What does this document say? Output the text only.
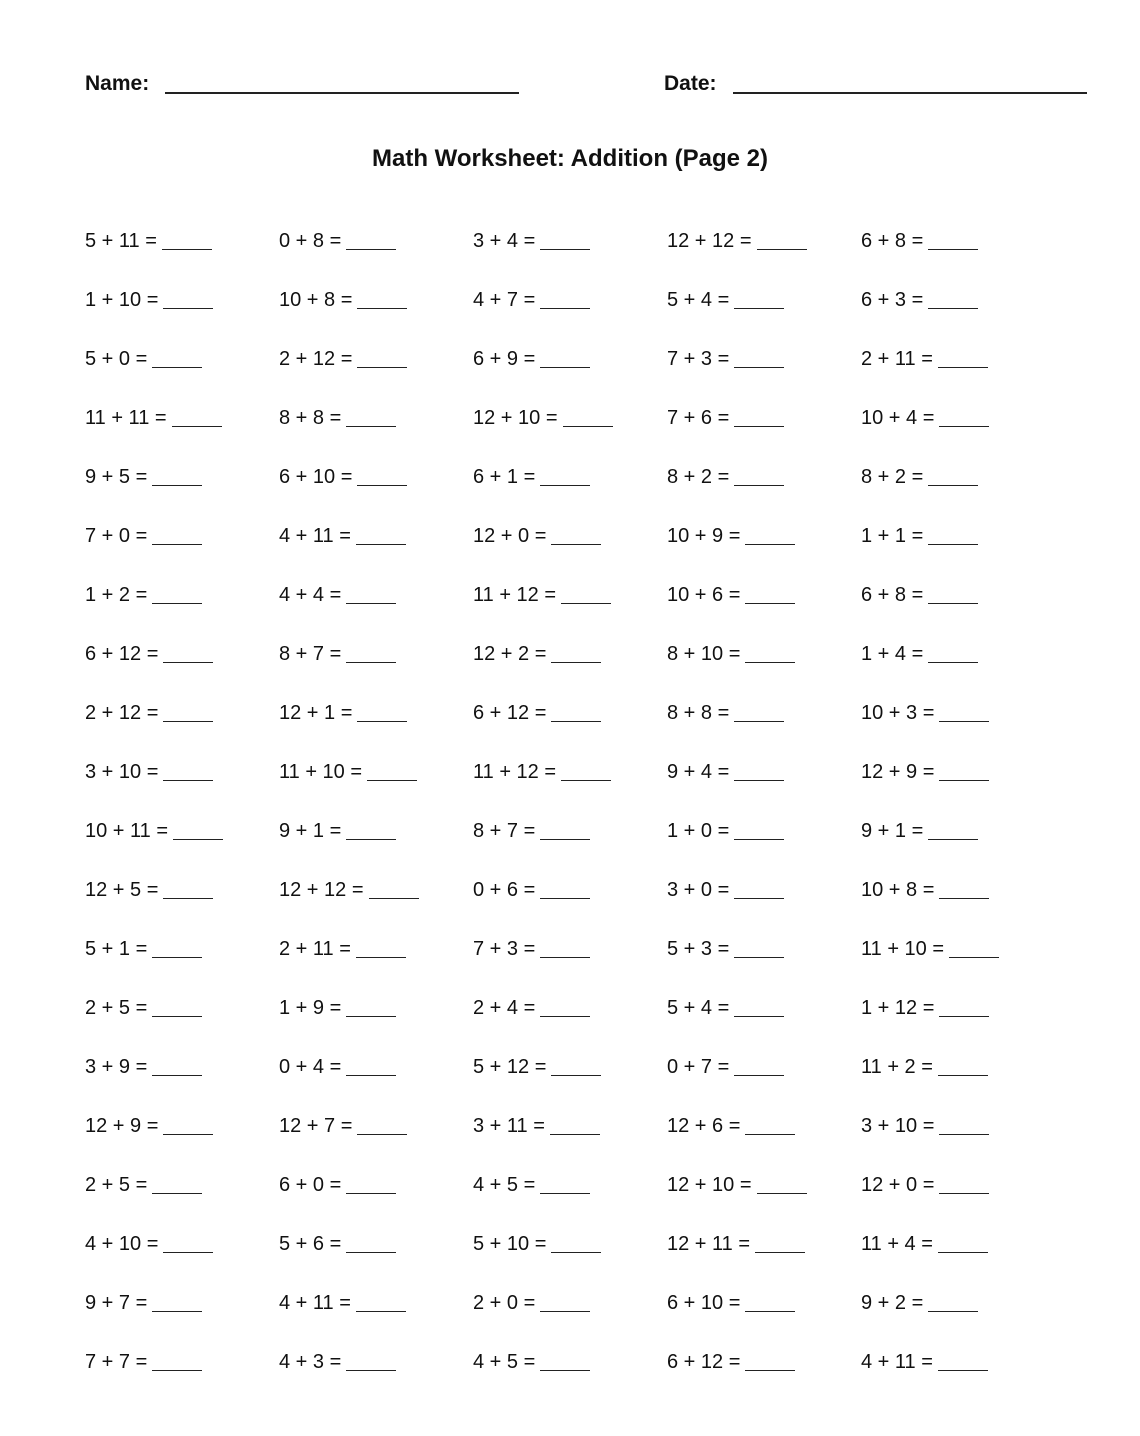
Name:	Date:
Math Worksheet: Addition (Page 2)
5 + 11 =	0 + 8 =	3 + 4 =	12 + 12 =	6 + 8 =
1 + 10 =	10 + 8 =	4 + 7 =	5 + 4 =	6 + 3 =
5 + 0 =	2 + 12 =	6 + 9 =	7 + 3 =	2 + 11 =
11 + 11 =	8 + 8 =	12 + 10 =	7 + 6 =	10 + 4 =
9 + 5 =	6 + 10 =	6 + 1 =	8 + 2 =	8 + 2 =
7 + 0 =	4 + 11 =	12 + 0 =	10 + 9 =	1 + 1 =
1 + 2 =	4 + 4 =	11 + 12 =	10 + 6 =	6 + 8 =
6 + 12 =	8 + 7 =	12 + 2 =	8 + 10 =	1 + 4 =
2 + 12 =	12 + 1 =	6 + 12 =	8 + 8 =	10 + 3 =
3 + 10 =	11 + 10 =	11 + 12 =	9 + 4 =	12 + 9 =
10 + 11 =	9 + 1 =	8 + 7 =	1 + 0 =	9 + 1 =
12 + 5 =	12 + 12 =	0 + 6 =	3 + 0 =	10 + 8 =
5 + 1 =	2 + 11 =	7 + 3 =	5 + 3 =	11 + 10 =
2 + 5 =	1 + 9 =	2 + 4 =	5 + 4 =	1 + 12 =
3 + 9 =	0 + 4 =	5 + 12 =	0 + 7 =	11 + 2 =
12 + 9 =	12 + 7 =	3 + 11 =	12 + 6 =	3 + 10 =
2 + 5 =	6 + 0 =	4 + 5 =	12 + 10 =	12 + 0 =
4 + 10 =	5 + 6 =	5 + 10 =	12 + 11 =	11 + 4 =
9 + 7 =	4 + 11 =	2 + 0 =	6 + 10 =	9 + 2 =
7 + 7 =	4 + 3 =	4 + 5 =	6 + 12 =	4 + 11 =
